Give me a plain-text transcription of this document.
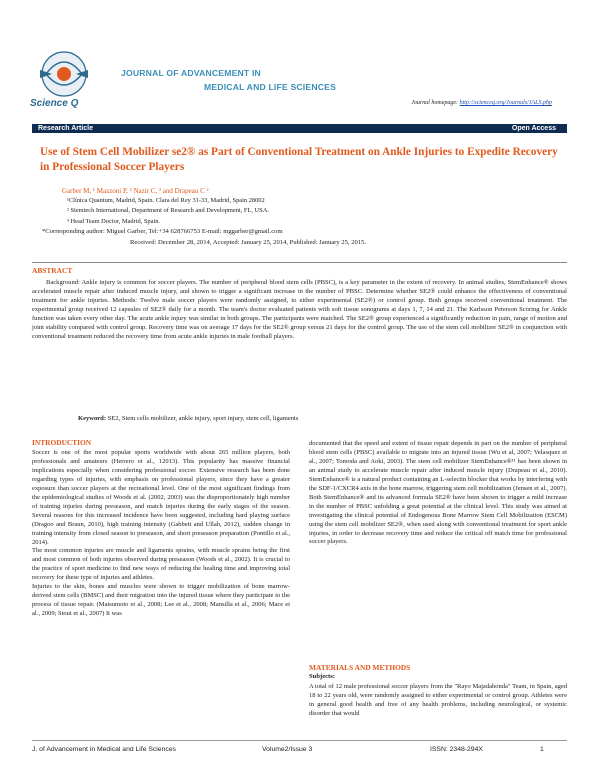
Science Q
JOURNAL OF ADVANCEMENT IN
MEDICAL AND LIFE SCIENCES
Journal homepage: http://scienceq.org/Journals/JALS.php
Research Article	Open Access
Use of Stem Cell Mobilizer se2® as Part of Conventional Treatment on Ankle Injuries to Expedite Recovery in Professional Soccer Players
Garber M, ¹ Mazzoni P, ² Nazir C, ³ and Drapeau C ²
¹Clínica Quantum, Madrid, Spain. Clara del Rey 31-33, Madrid, Spain 28002
² Stemtech International, Department of Research and Development, FL, USA.
³ Head Team Doctor, Madrid, Spain.
*Corresponding author: Miguel Garber, Tel:+34 628766753 E-mail: mggarber@gmail.com
Received: December 28, 2014, Accepted: January 25, 2014, Published: January 25, 2015.
ABSTRACT
Background: Ankle injury is common for soccer players. The number of peripheral blood stem cells (PBSC), is a key parameter in the extent of recovery. In animal studies, StemEnhance® shows accelerated muscle repair after induced muscle injury, and shown to trigger a significant increase in the number of PBSC. Determine whether SE2® could enhance the effectiveness of conventional treatment for ankle injuries. Methods: Twelve male soccer players were randomly assigned, to either experimental (SE2®) or control group. Both groups received conventional treatment. The experimental group received 12 capsules of SE2® daily for a month. The team's doctor evaluated patients with soft tissue sonograms at days 1, 7, 14 and 21. The Karlsson Peterson Scoring for Ankle function was taken every other day. The acute ankle injury was similar in both groups. The participants were matched. The SE2® group experienced a significantly reduction in pain, range of motion and joint stability compared with control group. Recovery time was on average 17 days for the SE2® group versus 21 days for the control group. The use of the stem cell mobilizer SE2® in conjunction with conventional treatment reduced the recovery time from acute ankle injuries in male football players.
Keyword: SE2, Stem cells mobilizer, ankle injury, sport injury, stem cell, ligaments
INTRODUCTION

Soccer is one of the most popular sports worldwide with about 265 million players, both professionals and amateurs (Herrero et al., 12013). This popularity has massive financial implications especially when considering professional soccer. Extensive research has been done regarding types of injuries, with emphasis on professional players, since they have a greater exposure than soccer players at the recreational level. One of the most significant findings from the epidemiological studies of Woods et al. (2002, 2003) was the disproportionately high number of training injuries during preseason, and match injuries during the early stages of the season. Several reasons for this increased incidence have been suggested, including hard playing surface (Dragoo and Braun, 2010), high training intensity (Gabbett and Ullah, 2012), sudden change in training intensity from closed season to preseason, and short preseason preparation (Pontillo et al., 2014).

The most common injuries are muscle and ligaments sprains, with muscle sprains being the first and most common of both injuries observed during preseason (Woods et al., 2002). It is crucial to the practice of sport medicine to find new ways of reducing the healing time and improving total recovery for these type of injuries and athletes.

Injuries to the skin, bones and muscles were shown to trigger mobilization of bone marrow-derived stem cells (BMSC) and their migration into the injured tissue where they participate to the process of tissue repair. (Matsumoto et al., 2008; Lee et al., 2008; Mansilla et al., 2006; Mace et al., 2009; Stout et al., 2007) It was

documented that the speed and extent of tissue repair depends in part on the number of peripheral blood stem cells (PBSC) available to migrate into an injured tissue (Wu et al, 2007; Velasquez et al., 2007; Tomoda and Aoki, 2003). The stem cell mobilizer StemEnhance®¹¹ has been shown in an animal study to accelerate muscle repair after induced muscle injury (Drapeau et al., 2010). StemEnhance® is a natural product containing an L-selectin blocker that works by interfering with the SDF-1/CXCR4 axis in the bone marrow, triggering stem cell mobilization (Jensen et al., 2007). Both StemEnhance® and its advanced formula SE2® have been shown to trigger a mild increase in the number of PBSC unfolding a great potential at the clinical level. This study was aimed at investigating the clinical potential of Endogenous Bone Marrow Stem Cell Mobilization (ESCM) using the stem cell mobilizer SE2®, when used along with conventional treatment for sport ankle injuries, in order to decrease recovery time and reduce the critical off match time for professional soccer players.

MATERIALS AND METHODS
Subjects:
A total of 12 male professional soccer players from the "Rayo Majadahonda" Team, in Spain, aged 18 to 22 years old, were randomly assigned to either experimental or control group. Athletes were in general good health and free of any health problems, including neurological, or systemic disorder that would
J. of Advancement in Medical and Life Sciences	Volume2/Issue 3	ISSN: 2348-294X	1
